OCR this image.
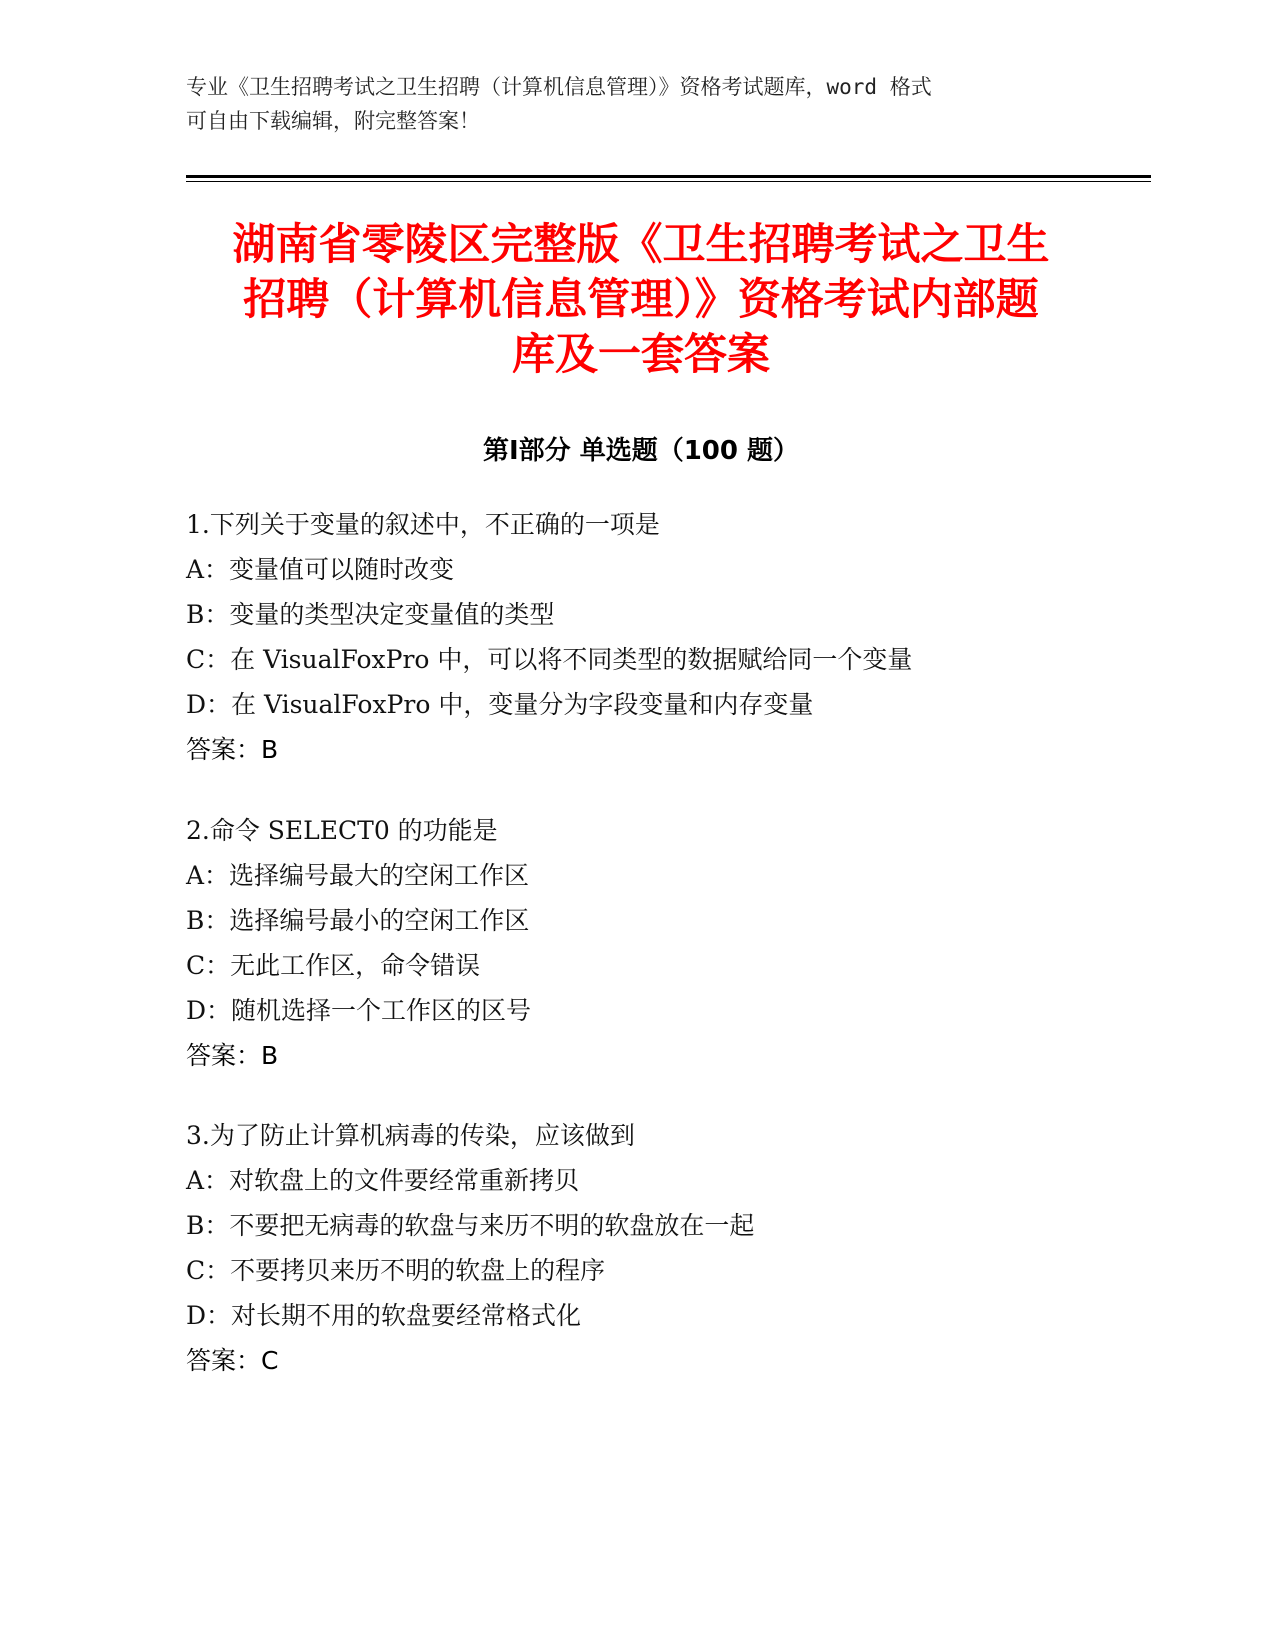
专业《卫生招聘考试之卫生招聘（计算机信息管理）》资格考试题库，word 格式

可自由下载编辑，附完整答案！

湖南省零陵区完整版《卫生招聘考试之卫生
招聘（计算机信息管理）》资格考试内部题
库及一套答案
第Ⅰ部分 单选题（100 题）

1.下列关于变量的叙述中，不正确的一项是

A：变量值可以随时改变

B：变量的类型决定变量值的类型

C：在 VisualFoxPro 中，可以将不同类型的数据赋给同一个变量

D：在 VisualFoxPro 中，变量分为字段变量和内存变量

答案：B

2.命令 SELECT0 的功能是

A：选择编号最大的空闲工作区

B：选择编号最小的空闲工作区

C：无此工作区，命令错误

D：随机选择一个工作区的区号

答案：B

3.为了防止计算机病毒的传染，应该做到

A：对软盘上的文件要经常重新拷贝

B：不要把无病毒的软盘与来历不明的软盘放在一起

C：不要拷贝来历不明的软盘上的程序

D：对长期不用的软盘要经常格式化

答案：C
